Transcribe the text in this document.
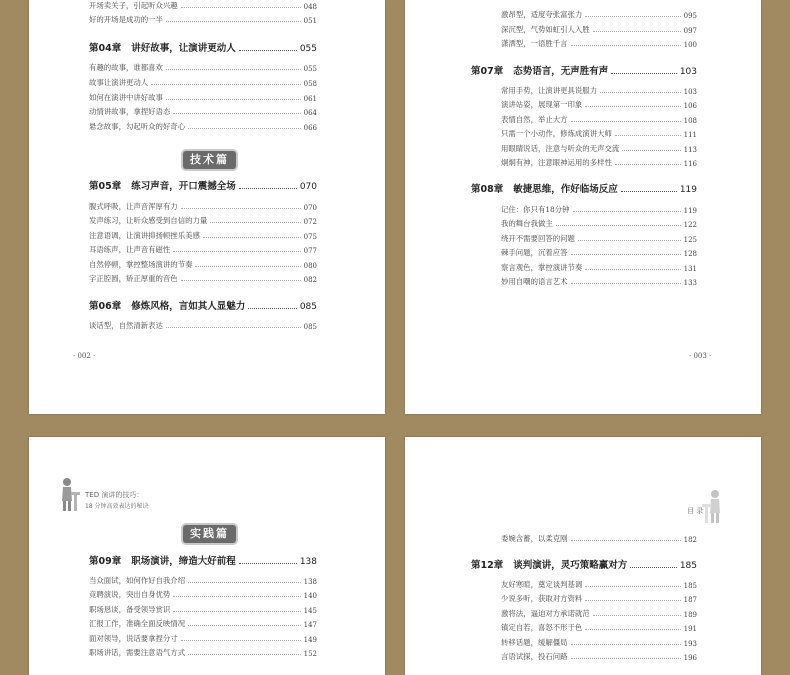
开场卖关子，引起听众兴趣	048
好的开场是成功的一半	051
第04章 讲好故事，让演讲更动人	055
有趣的故事，谁都喜欢	055
故事让演讲更动人	058
如何在演讲中讲好故事	061
动情讲故事，拿捏好语态	064
悬念故事，勾起听众的好奇心	066
技术篇
第05章 练习声音，开口震撼全场	070
腹式呼吸，让声音浑厚有力	070
发声练习，让听众感受到自信的力量	072
注意语调，让演讲抑扬顿挫乐美感	075
耳语练声，让声音有磁性	077
自然停顿，掌控整场演讲的节奏	080
字正腔圆，矫正厚重的音色	082
第06章 修炼风格，言如其人显魅力	085
谈话型，自然清新表达	085
· 002 ·
激昂型，适度夸张富张力	095
深沉型，气势如虹引人入胜	097
潇洒型，一语胜千言	100
第07章 态势语言，无声胜有声	103
常用手势，让演讲更具说服力	103
演讲站姿，展现第一印象	106
表情自然，举止大方	108
只需一个小动作，修炼成演讲大师	111
用眼睛说话，注意与听众的无声交流	113
炯炯有神，注意眼神运用的多样性	116
第08章 敏捷思维，作好临场反应	119
记住：你只有18分钟	119
我的舞台我做主	122
绕开不需要回答的问题	125
棘手问题，沉着应答	128
察言观色，掌控演讲节奏	131
妙用自嘲的语言艺术	133
· 003 ·
TED 演讲的技巧：
18 分钟高效表达的秘诀
实践篇
第09章 职场演讲，缔造大好前程	138
当众面试，如何作好自我介绍	138
竞聘演说，突出自身优势	140
职场恳谈，备受领导赏识	145
汇报工作，准确全面反映情况	147
面对领导，说话要拿捏分寸	149
职场讲话，需要注意语气方式	152
目 录
委婉含蓄，以柔克刚	182
第12章 谈判演讲，灵巧策略赢对方	185
友好寒暄，奠定谈判基调	185
少说多听，获取对方资料	187
激将法，逼迫对方承诺就范	189
镇定自若，喜怒不形于色	191
转移话题，缓解僵局	193
言语试探，投石问路	196
